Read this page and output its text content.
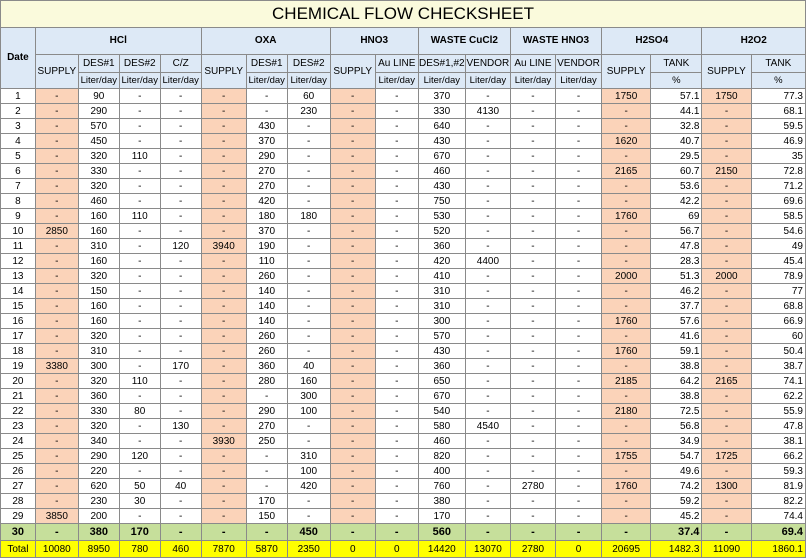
CHEMICAL FLOW CHECKSHEET																	
Date	HCl				OXA			HNO3		WASTE CuCl2		WASTE HNO3		H2SO4		H2O2	
	SUPPLY	DES#1	DES#2	C/Z	SUPPLY	DES#1	DES#2	SUPPLY	Au LINE	DES#1,#2	VENDOR	Au LINE	VENDOR	SUPPLY	TANK	SUPPLY	TANK
		Liter/day	Liter/day	Liter/day		Liter/day	Liter/day		Liter/day	Liter/day	Liter/day	Liter/day	Liter/day		%		%
1	-	90	-	-	-	-	60	-	-	370	-	-	-	1750	57.1	1750	77.3
2	-	290	-	-	-	-	230	-	-	330	4130	-	-	-	44.1	-	68.1
3	-	570	-	-	-	430	-	-	-	640	-	-	-	-	32.8	-	59.5
4	-	450	-	-	-	370	-	-	-	430	-	-	-	1620	40.7	-	46.9
5	-	320	110	-	-	290	-	-	-	670	-	-	-	-	29.5	-	35
6	-	330	-	-	-	270	-	-	-	460	-	-	-	2165	60.7	2150	72.8
7	-	320	-	-	-	270	-	-	-	430	-	-	-	-	53.6	-	71.2
8	-	460	-	-	-	420	-	-	-	750	-	-	-	-	42.2	-	69.6
9	-	160	110	-	-	180	180	-	-	530	-	-	-	1760	69	-	58.5
10	2850	160	-	-	-	370	-	-	-	520	-	-	-	-	56.7	-	54.6
11	-	310	-	120	3940	190	-	-	-	360	-	-	-	-	47.8	-	49
12	-	160	-	-	-	110	-	-	-	420	4400	-	-	-	28.3	-	45.4
13	-	320	-	-	-	260	-	-	-	410	-	-	-	2000	51.3	2000	78.9
14	-	150	-	-	-	140	-	-	-	310	-	-	-	-	46.2	-	77
15	-	160	-	-	-	140	-	-	-	310	-	-	-	-	37.7	-	68.8
16	-	160	-	-	-	140	-	-	-	300	-	-	-	1760	57.6	-	66.9
17	-	320	-	-	-	260	-	-	-	570	-	-	-	-	41.6	-	60
18	-	310	-	-	-	260	-	-	-	430	-	-	-	1760	59.1	-	50.4
19	3380	300	-	170	-	360	40	-	-	360	-	-	-	-	38.8	-	38.7
20	-	320	110	-	-	280	160	-	-	650	-	-	-	2185	64.2	2165	74.1
21	-	360	-	-	-	-	300	-	-	670	-	-	-	-	38.8	-	62.2
22	-	330	80	-	-	290	100	-	-	540	-	-	-	2180	72.5	-	55.9
23	-	320	-	130	-	270	-	-	-	580	4540	-	-	-	56.8	-	47.8
24	-	340	-	-	3930	250	-	-	-	460	-	-	-	-	34.9	-	38.1
25	-	290	120	-	-	-	310	-	-	820	-	-	-	1755	54.7	1725	66.2
26	-	220	-	-	-	-	100	-	-	400	-	-	-	-	49.6	-	59.3
27	-	620	50	40	-	-	420	-	-	760	-	2780	-	1760	74.2	1300	81.9
28	-	230	30	-	-	170	-	-	-	380	-	-	-	-	59.2	-	82.2
29	3850	200	-	-	-	150	-	-	-	170	-	-	-	-	45.2	-	74.4
30	-	380	170	-	-	-	450	-	-	560	-	-	-	-	37.4	-	69.4
Total	10080	8950	780	460	7870	5870	2350	0	0	14420	13070	2780	0	20695	1482.3	11090	1860.1
